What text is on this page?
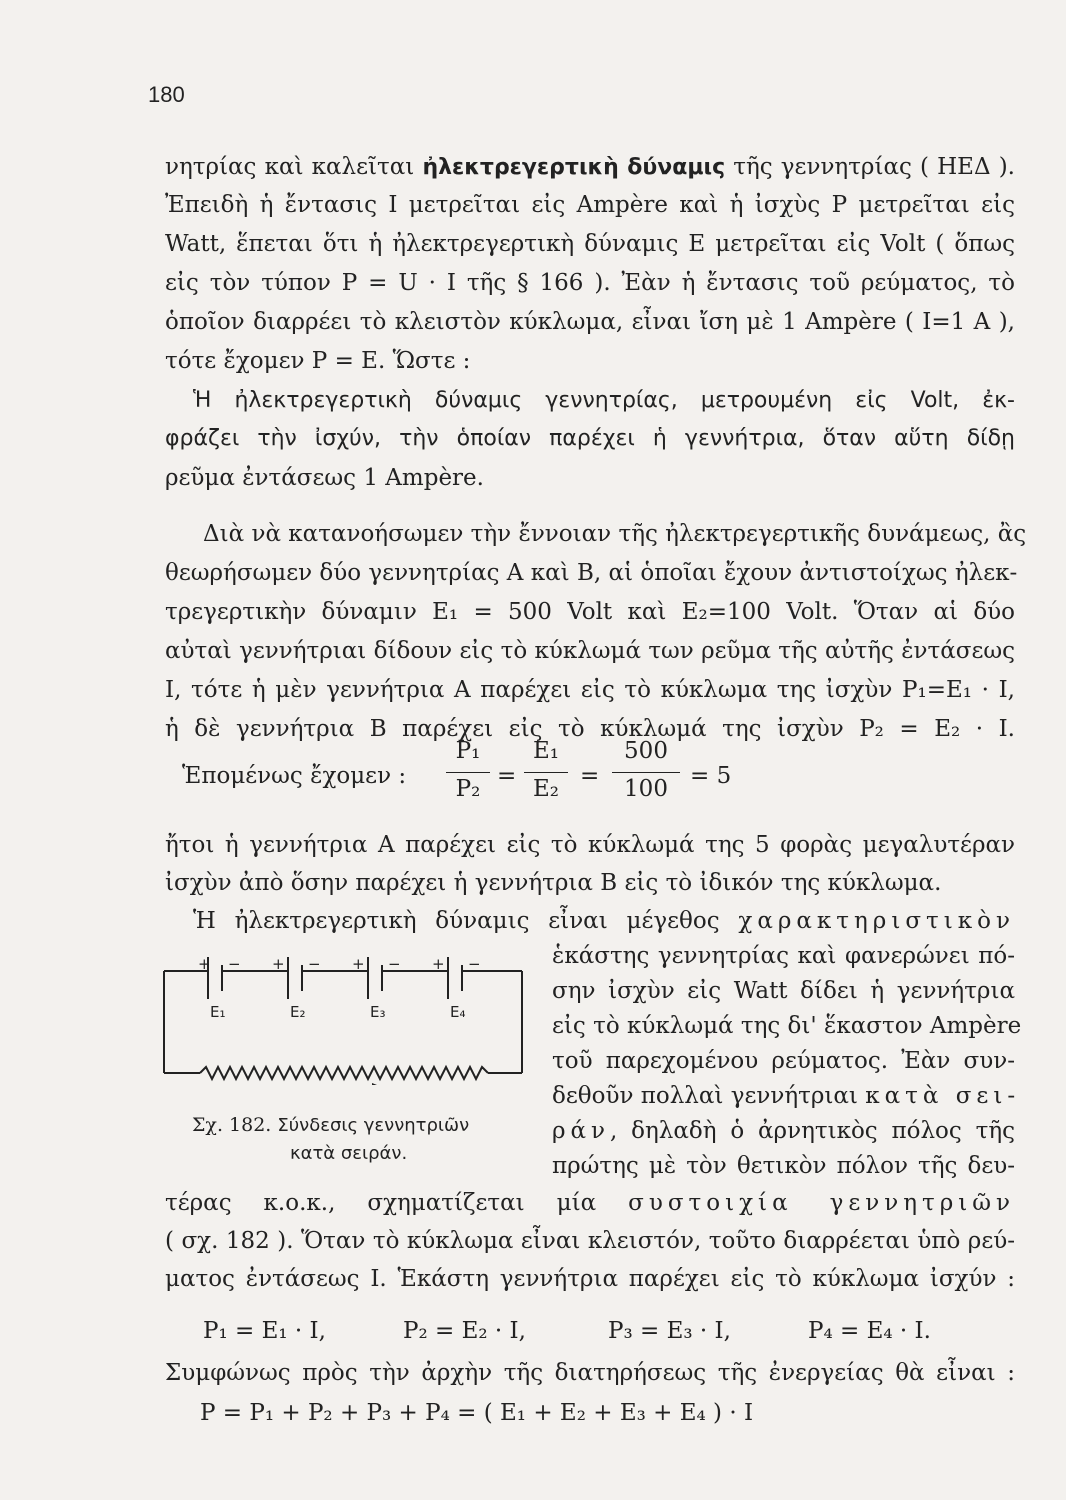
180
νητρίας καὶ καλεῖται ἠλεκτρεγερτικὴ δύναμις τῆς γεννητρίας ( ΗΕΔ ).
Ἐπειδὴ ἡ ἔντασις I μετρεῖται εἰς Ampère καὶ ἡ ἰσχὺς P μετρεῖται εἰς
Watt, ἕπεται ὅτι ἡ ἠλεκτρεγερτικὴ δύναμις E μετρεῖται εἰς Volt ( ὅπως
εἰς τὸν τύπον P = U · I τῆς § 166 ). Ἐὰν ἡ ἔντασις τοῦ ρεύματος, τὸ
ὁποῖον διαρρέει τὸ κλειστὸν κύκλωμα, εἶναι ἴση μὲ 1 Ampère ( I=1 A ),
τότε ἔχομεν P = E. Ὥστε :
Ἡ ἠλεκτρεγερτικὴ δύναμις γεννητρίας, μετρουμένη εἰς Volt, ἐκ-
φράζει τὴν ἰσχύν, τὴν ὁποίαν παρέχει ἡ γεννήτρια, ὅταν αὕτη δίδῃ
ρεῦμα ἐντάσεως 1 Ampère.
Διὰ νὰ κατανοήσωμεν τὴν ἔννοιαν τῆς ἠλεκτρεγερτικῆς δυνάμεως, ἂς
θεωρήσωμεν δύο γεννητρίας A καὶ B, αἱ ὁποῖαι ἔχουν ἀντιστοίχως ἠλεκ-
τρεγερτικὴν δύναμιν E₁ = 500 Volt καὶ E₂=100 Volt. Ὅταν αἱ δύο
αὐταὶ γεννήτριαι δίδουν εἰς τὸ κύκλωμά των ρεῦμα τῆς αὐτῆς ἐντάσεως
I, τότε ἡ μὲν γεννήτρια A παρέχει εἰς τὸ κύκλωμα της ἰσχὺν P₁=E₁ · I,
ἡ δὲ γεννήτρια B παρέχει εἰς τὸ κύκλωμά της ἰσχὺν P₂ = E₂ · I.
Ἑπομένως ἔχομεν :
P₁
P₂ =
E₁
E₂ =
500
100 = 5
ἤτοι ἡ γεννήτρια A παρέχει εἰς τὸ κύκλωμά της 5 φορὰς μεγαλυτέραν
ἰσχὺν ἀπὸ ὅσην παρέχει ἡ γεννήτρια B εἰς τὸ ἰδικόν της κύκλωμα.
Ἡ ἠλεκτρεγερτικὴ δύναμις εἶναι μέγεθος χαρακτηριστικὸν
ἑκάστης γεννητρίας καὶ φανερώνει πό-
σην ἰσχὺν εἰς Watt δίδει ἡ γεννήτρια
εἰς τὸ κύκλωμά της δι' ἕκαστον Ampère
τοῦ παρεχομένου ρεύματος. Ἐὰν συν-
δεθοῦν πολλαὶ γεννήτριαι κατὰ σει-
ράν, δηλαδὴ ὁ ἀρνητικὸς πόλος τῆς
πρώτης μὲ τὸν θετικὸν πόλον τῆς δευ-
+ − + − + − + −
E₁	E₂	E₃	E₄
Σχ. 182. Σύνδεσις γεννητριῶν
κατὰ σειράν.
τέρας κ.ο.κ., σχηματίζεται μία συστοιχία γεννητριῶν
( σχ. 182 ). Ὅταν τὸ κύκλωμα εἶναι κλειστόν, τοῦτο διαρρέεται ὑπὸ ρεύ-
ματος ἐντάσεως I. Ἑκάστη γεννήτρια παρέχει εἰς τὸ κύκλωμα ἰσχύν :
P₁ = E₁ · I,	P₂ = E₂ · I,	P₃ = E₃ · I,	P₄ = E₄ · I.
Συμφώνως πρὸς τὴν ἀρχὴν τῆς διατηρήσεως τῆς ἐνεργείας θὰ εἶναι :
P = P₁ + P₂ + P₃ + P₄ = ( E₁ + E₂ + E₃ + E₄ ) · I
